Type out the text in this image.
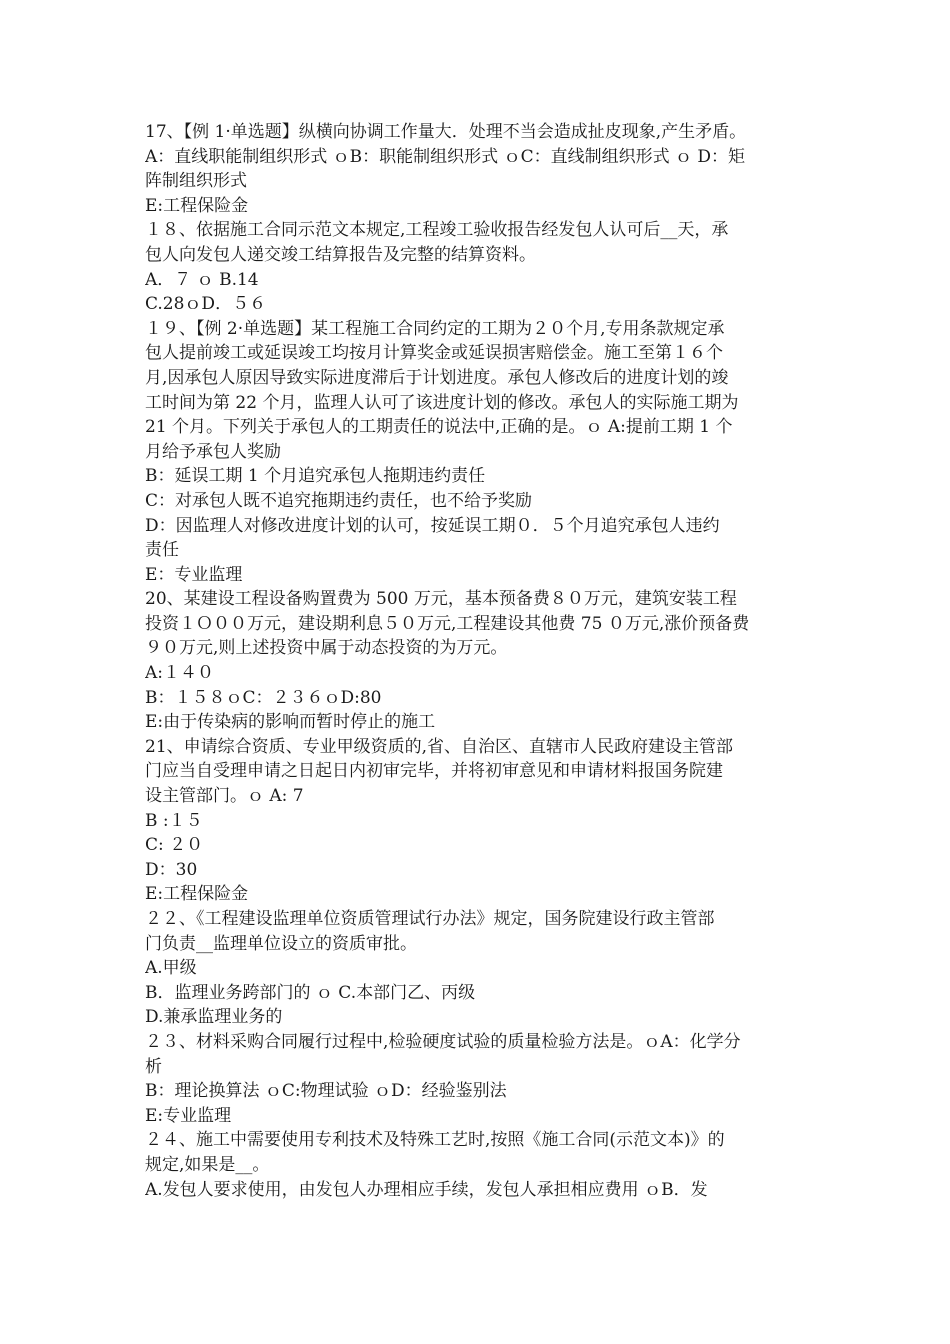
17、【例 1·单选题】纵横向协调工作量大．处理不当会造成扯皮现象,产生矛盾。
A：直线职能制组织形式 ｏB：职能制组织形式 ｏC：直线制组织形式 ｏ D：矩
阵制组织形式
E:工程保险金
１８、依据施工合同示范文本规定,工程竣工验收报告经发包人认可后__天，承
包人向发包人递交竣工结算报告及完整的结算资料。
A．７ ｏ B.14
C.28ｏD．５６
１９、【例 2·单选题】某工程施工合同约定的工期为２０个月,专用条款规定承
包人提前竣工或延误竣工均按月计算奖金或延误损害赔偿金。施工至第１６个
月,因承包人原因导致实际进度滞后于计划进度。承包人修改后的进度计划的竣
工时间为第 22 个月，监理人认可了该进度计划的修改。承包人的实际施工期为
21 个月。下列关于承包人的工期责任的说法中,正确的是。ｏ A:提前工期 1 个
月给予承包人奖励
B：延误工期 1 个月追究承包人拖期违约责任
C：对承包人既不追究拖期违约责任，也不给予奖励
D：因监理人对修改进度计划的认可，按延误工期０．５个月追究承包人违约
责任
E：专业监理
20、某建设工程设备购置费为 500 万元，基本预备费８０万元，建筑安装工程
投资１Ｏ００万元，建设期利息５０万元,工程建设其他费 75 ０万元,涨价预备费
９０万元,则上述投资中属于动态投资的为万元。
A:１４０
B：１５８ｏC：２３６ｏD:80
E:由于传染病的影响而暂时停止的施工
21、申请综合资质、专业甲级资质的,省、自治区、直辖市人民政府建设主管部
门应当自受理申请之日起日内初审完毕，并将初审意见和申请材料报国务院建
设主管部门。ｏ A: 7
B :１５
C: ２０
D：30
E:工程保险金
２２、《工程建设监理单位资质管理试行办法》规定，国务院建设行政主管部
门负责__监理单位设立的资质审批。
A.甲级
B．监理业务跨部门的 ｏ C.本部门乙、丙级
D.兼承监理业务的
２３、材料采购合同履行过程中,检验硬度试验的质量检验方法是。ｏA：化学分
析
B：理论换算法 ｏC:物理试验 ｏD：经验鉴别法
E:专业监理
２４、施工中需要使用专利技术及特殊工艺时,按照《施工合同(示范文本)》的
规定,如果是__。
A.发包人要求使用，由发包人办理相应手续，发包人承担相应费用 ｏB．发
